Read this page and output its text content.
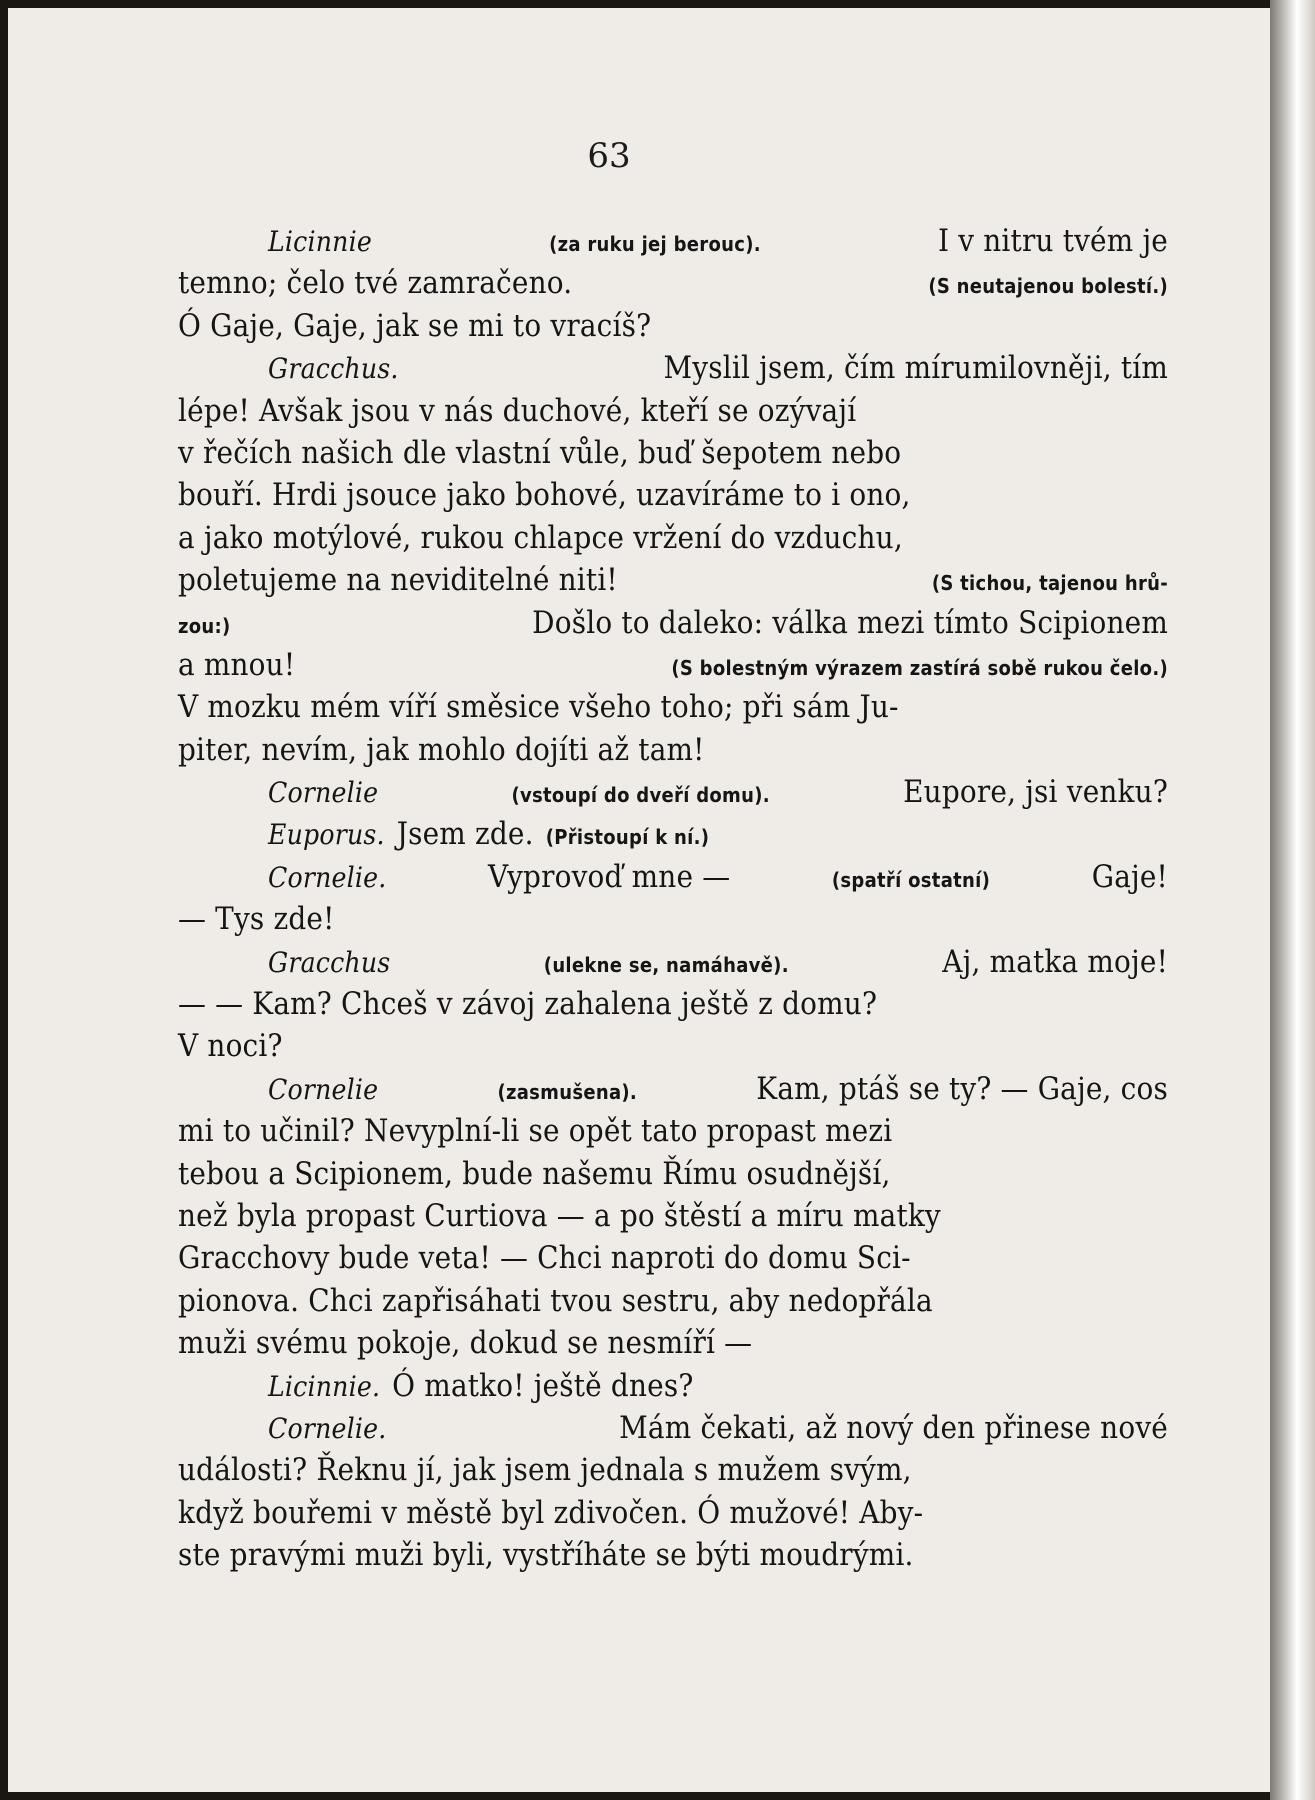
63
Licinnie	(za ruku jej berouc).	I v nitru tvém je
temno; čelo tvé zamračeno.	(S neutajenou bolestí.)
Ó Gaje, Gaje, jak se mi to vracíš?
Gracchus.	Myslil jsem, čím mírumilovněji, tím
lépe! Avšak jsou v nás duchové, kteří se ozývají
v řečích našich dle vlastní vůle, buď šepotem nebo
bouří. Hrdi jsouce jako bohové, uzavíráme to i ono,
a jako motýlové, rukou chlapce vržení do vzduchu,
poletujeme na neviditelné niti!	(S tichou, tajenou hrů-
zou:)	Došlo to daleko: válka mezi tímto Scipionem
a mnou!	(S bolestným výrazem zastírá sobě rukou čelo.)
V mozku mém víří směsice všeho toho; při sám Ju-
piter, nevím, jak mohlo dojíti až tam!
Cornelie	(vstoupí do dveří domu).	Eupore, jsi venku?
Euporus. Jsem zde. (Přistoupí k ní.)
Cornelie.	Vyprovoď mne —	(spatří ostatní)	Gaje!
— Tys zde!
Gracchus	(ulekne se, namáhavě).	Aj, matka moje!
— — Kam? Chceš v závoj zahalena ještě z domu?
V noci?
Cornelie	(zasmušena).	Kam, ptáš se ty? — Gaje, cos
mi to učinil? Nevyplní-li se opět tato propast mezi
tebou a Scipionem, bude našemu Římu osudnější,
než byla propast Curtiova — a po štěstí a míru matky
Gracchovy bude veta! — Chci naproti do domu Sci-
pionova. Chci zapřisáhati tvou sestru, aby nedopřála
muži svému pokoje, dokud se nesmíří —
Licinnie. Ó matko! ještě dnes?
Cornelie.	Mám čekati, až nový den přinese nové
události? Řeknu jí, jak jsem jednala s mužem svým,
když bouřemi v městě byl zdivočen. Ó mužové! Aby-
ste pravými muži byli, vystříháte se býti moudrými.
